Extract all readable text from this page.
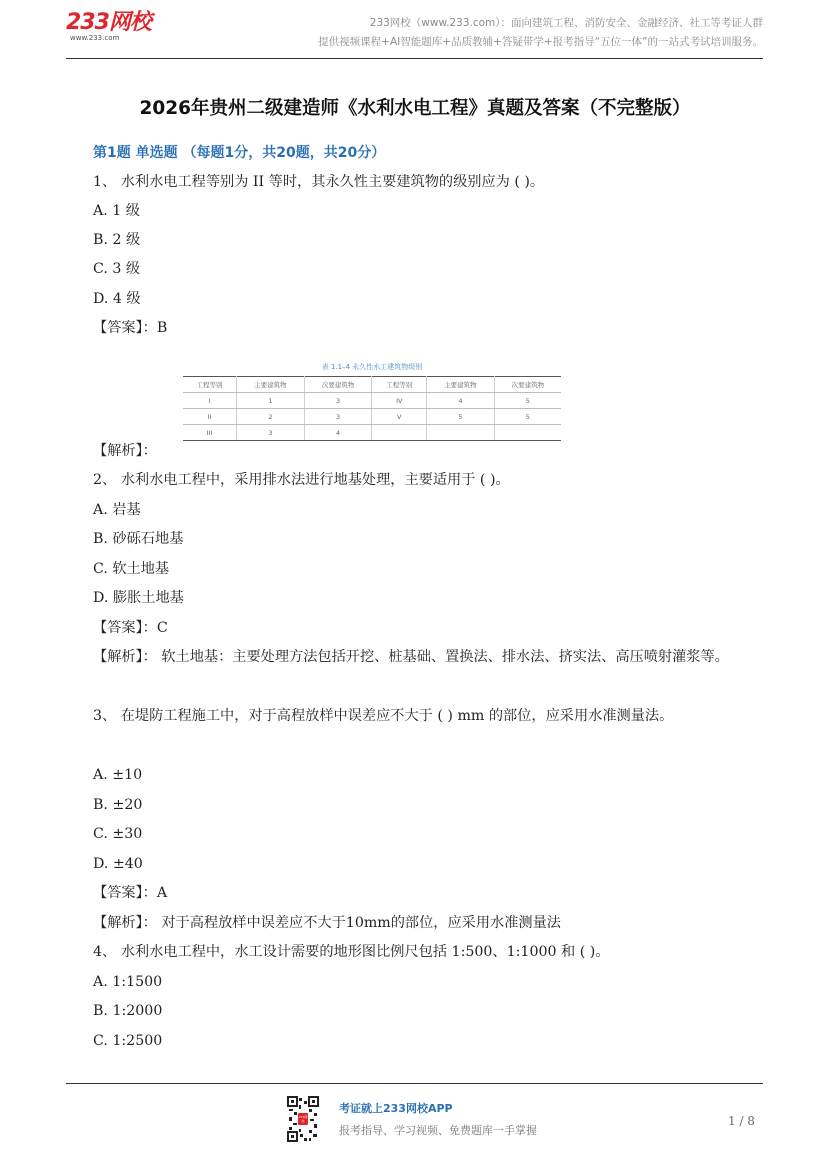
233网校
www.233.com
233网校（www.233.com）：面向建筑工程、消防安全、金融经济、社工等考证人群
提供视频课程+AI智能题库+品质教辅+答疑带学+报考指导“五位一体”的一站式考试培训服务。
2026年贵州二级建造师《水利水电工程》真题及答案（不完整版）
第1题 单选题 （每题1分，共20题，共20分）
1、 水利水电工程等别为 II 等时，其永久性主要建筑物的级别应为 ( )。
A. 1 级
B. 2 级
C. 3 级
D. 4 级
【答案】：B
表 1.1–4 永久性水工建筑物级别
工程等别	主要建筑物	次要建筑物	工程等别	主要建筑物	次要建筑物
I	1	3	IV	4	5
II	2	3	V	5	5
III	3	4			
【解析】：
2、 水利水电工程中，采用排水法进行地基处理，主要适用于 ( )。
A. 岩基
B. 砂砾石地基
C. 软土地基
D. 膨胀土地基
【答案】：C
【解析】： 软土地基：主要处理方法包括开挖、桩基础、置换法、排水法、挤实法、高压喷射灌浆等。
3、 在堤防工程施工中，对于高程放样中误差应不大于 ( ) mm 的部位，应采用水准测量法。
A. ±10
B. ±20
C. ±30
D. ±40
【答案】：A
【解析】： 对于高程放样中误差应不大于10mm的部位，应采用水准测量法
4、 水利水电工程中，水工设计需要的地形图比例尺包括 1:500、1:1000 和 ( )。
A. 1:1500
B. 1:2000
C. 1:2500
233网校
考证就上233网校APP
报考指导、学习视频、免费题库一手掌握
1 / 8
